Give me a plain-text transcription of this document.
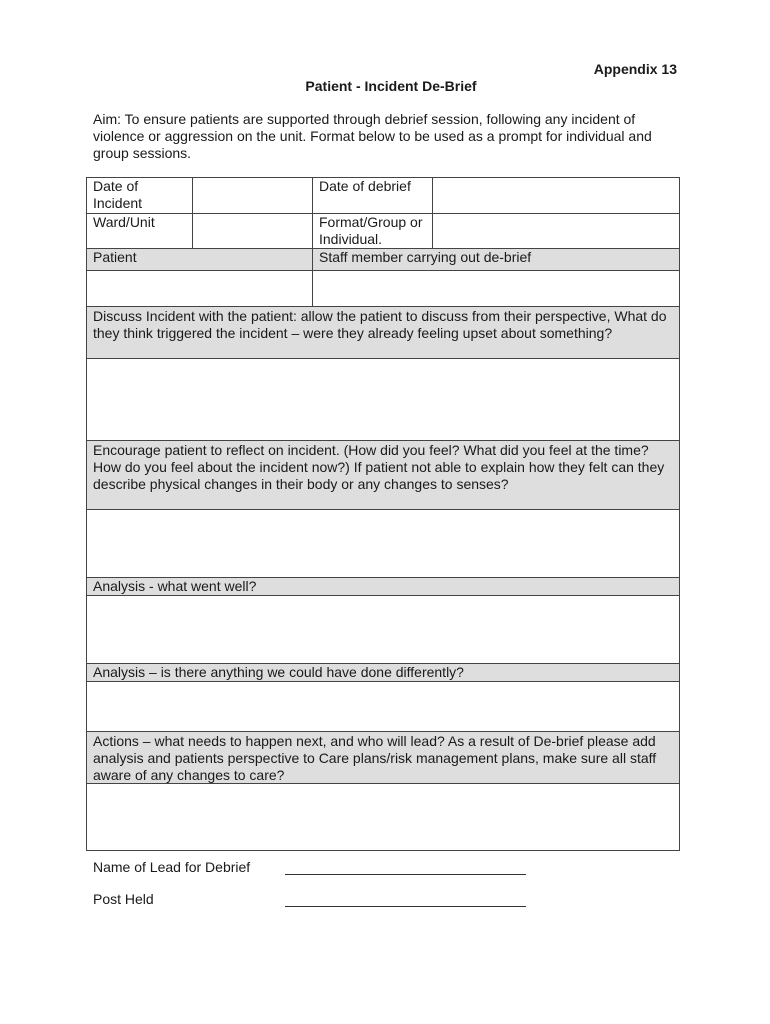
Appendix 13
Patient - Incident De-Brief
Aim: To ensure patients are supported through debrief session, following any incident of violence or aggression on the unit. Format below to be used as a prompt for individual and group sessions.
Date of Incident
Date of debrief
Ward/Unit	Format/Group or Individual.
Patient	Staff member carrying out de-brief
Discuss Incident with the patient: allow the patient to discuss from their perspective, What do they think triggered the incident – were they already feeling upset about something?
Encourage patient to reflect on incident. (How did you feel? What did you feel at the time? How do you feel about the incident now?) If patient not able to explain how they felt can they describe physical changes in their body or any changes to senses?
Analysis - what went well?
Analysis – is there anything we could have done differently?
Actions – what needs to happen next, and who will lead? As a result of De-brief please add analysis and patients perspective to Care plans/risk management plans, make sure all staff aware of any changes to care?
Name of Lead for Debrief
Post Held
